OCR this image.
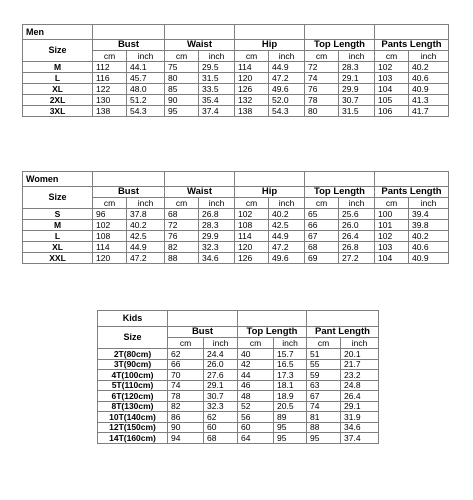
Men										
Size	Bust		Waist		Hip		Top Length		Pants Length	
	cm	inch	cm	inch	cm	inch	cm	inch	cm	inch
M	112	44.1	75	29.5	114	44.9	72	28.3	102	40.2
L	116	45.7	80	31.5	120	47.2	74	29.1	103	40.6
XL	122	48.0	85	33.5	126	49.6	76	29.9	104	40.9
2XL	130	51.2	90	35.4	132	52.0	78	30.7	105	41.3
3XL	138	54.3	95	37.4	138	54.3	80	31.5	106	41.7
Women										
Size	Bust		Waist		Hip		Top Length		Pants Length	
	cm	inch	cm	inch	cm	inch	cm	inch	cm	inch
S	96	37.8	68	26.8	102	40.2	65	25.6	100	39.4
M	102	40.2	72	28.3	108	42.5	66	26.0	101	39.8
L	108	42.5	76	29.9	114	44.9	67	26.4	102	40.2
XL	114	44.9	82	32.3	120	47.2	68	26.8	103	40.6
XXL	120	47.2	88	34.6	126	49.6	69	27.2	104	40.9
Kids						
Size	Bust		Top Length		Pant Length	
	cm	inch	cm	inch	cm	inch
2T(80cm)	62	24.4	40	15.7	51	20.1
3T(90cm)	66	26.0	42	16.5	55	21.7
4T(100cm)	70	27.6	44	17.3	59	23.2
5T(110cm)	74	29.1	46	18.1	63	24.8
6T(120cm)	78	30.7	48	18.9	67	26.4
8T(130cm)	82	32.3	52	20.5	74	29.1
10T(140cm)	86	62	56	89	81	31.9
12T(150cm)	90	60	60	95	88	34.6
14T(160cm)	94	68	64	95	95	37.4
